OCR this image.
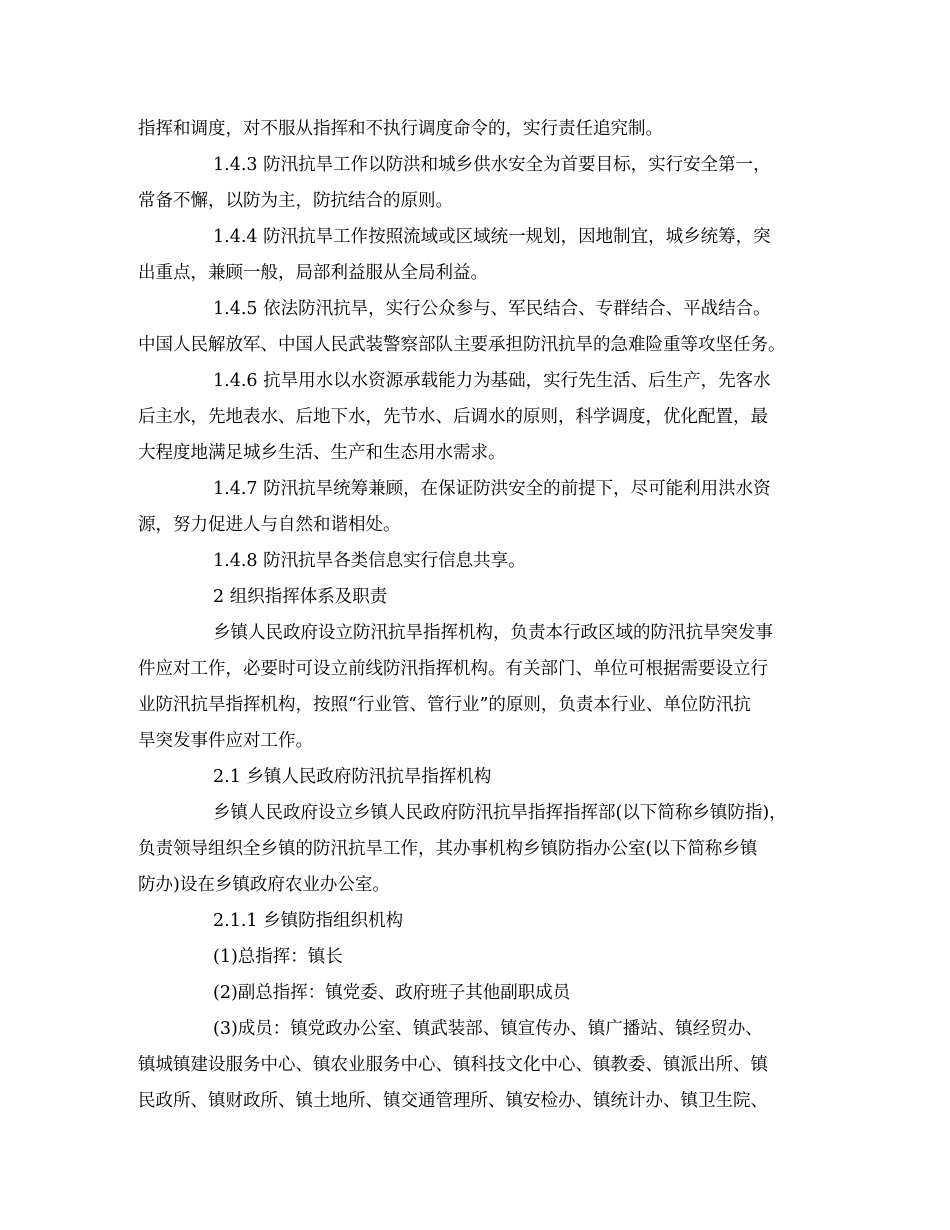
指挥和调度，对不服从指挥和不执行调度命令的，实行责任追究制。
1.4.3 防汛抗旱工作以防洪和城乡供水安全为首要目标，实行安全第一，
常备不懈，以防为主，防抗结合的原则。
1.4.4 防汛抗旱工作按照流域或区域统一规划，因地制宜，城乡统筹，突
出重点，兼顾一般，局部利益服从全局利益。
1.4.5 依法防汛抗旱，实行公众参与、军民结合、专群结合、平战结合。
中国人民解放军、中国人民武装警察部队主要承担防汛抗旱的急难险重等攻坚任务。
1.4.6 抗旱用水以水资源承载能力为基础，实行先生活、后生产，先客水
后主水，先地表水、后地下水，先节水、后调水的原则，科学调度，优化配置，最
大程度地满足城乡生活、生产和生态用水需求。
1.4.7 防汛抗旱统筹兼顾，在保证防洪安全的前提下，尽可能利用洪水资
源，努力促进人与自然和谐相处。
1.4.8 防汛抗旱各类信息实行信息共享。
2 组织指挥体系及职责
乡镇人民政府设立防汛抗旱指挥机构，负责本行政区域的防汛抗旱突发事
件应对工作，必要时可设立前线防汛指挥机构。有关部门、单位可根据需要设立行
业防汛抗旱指挥机构，按照“行业管、管行业”的原则，负责本行业、单位防汛抗
旱突发事件应对工作。
2.1 乡镇人民政府防汛抗旱指挥机构
乡镇人民政府设立乡镇人民政府防汛抗旱指挥指挥部(以下简称乡镇防指)，
负责领导组织全乡镇的防汛抗旱工作，其办事机构乡镇防指办公室(以下简称乡镇
防办)设在乡镇政府农业办公室。
2.1.1 乡镇防指组织机构
(1)总指挥：镇长
(2)副总指挥：镇党委、政府班子其他副职成员
(3)成员：镇党政办公室、镇武装部、镇宣传办、镇广播站、镇经贸办、
镇城镇建设服务中心、镇农业服务中心、镇科技文化中心、镇教委、镇派出所、镇
民政所、镇财政所、镇土地所、镇交通管理所、镇安检办、镇统计办、镇卫生院、
